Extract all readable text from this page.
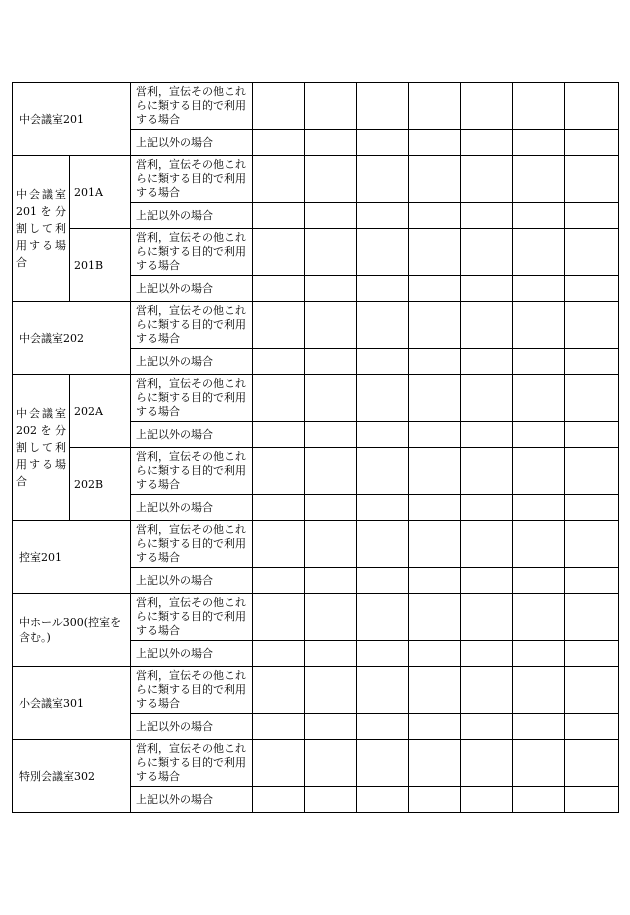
中会議室201		営利，宣伝その他これらに類する目的で利用する場合							
		上記以外の場合							
中会議室201を分割して利用する場合	201A	営利，宣伝その他これらに類する目的で利用する場合							
		上記以外の場合							
	201B	営利，宣伝その他これらに類する目的で利用する場合							
		上記以外の場合							
中会議室202		営利，宣伝その他これらに類する目的で利用する場合							
		上記以外の場合							
中会議室202を分割して利用する場合	202A	営利，宣伝その他これらに類する目的で利用する場合							
		上記以外の場合							
	202B	営利，宣伝その他これらに類する目的で利用する場合							
		上記以外の場合							
控室201		営利，宣伝その他これらに類する目的で利用する場合							
		上記以外の場合							
中ホール300(控室を含む。)		営利，宣伝その他これらに類する目的で利用する場合							
		上記以外の場合							
小会議室301		営利，宣伝その他これらに類する目的で利用する場合							
		上記以外の場合							
特別会議室302		営利，宣伝その他これらに類する目的で利用する場合							
		上記以外の場合							
